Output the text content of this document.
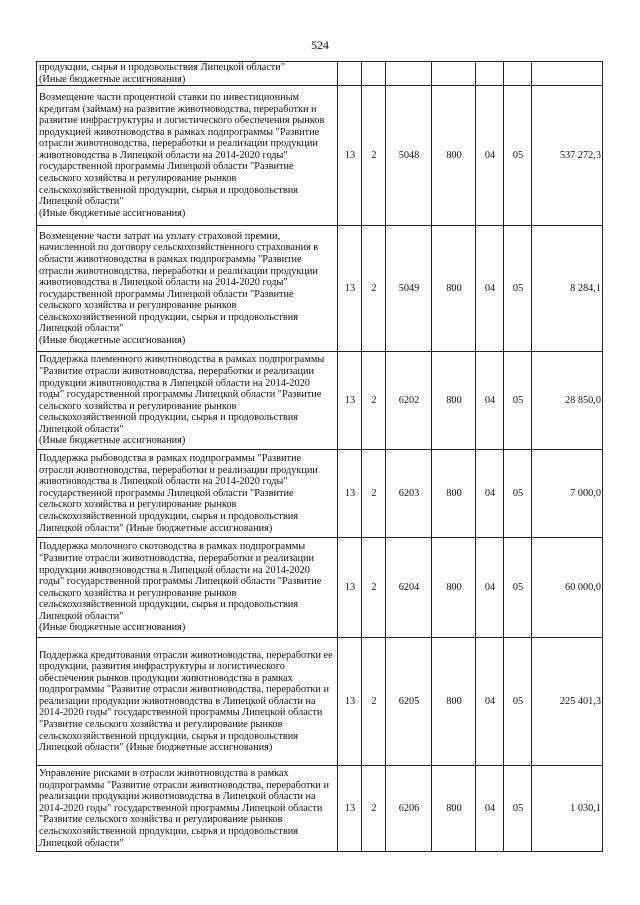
524
продукции, сырья и продовольствия Липецкой области"
(Иные бюджетные ассигнования)							
Возмещение части процентной ставки по инвестиционным кредитам (займам) на развитие животноводства, переработки и развитие инфраструктуры и логистического обеспечения рынков продукцией животноводства в рамках подпрограммы "Развитие отрасли животноводства, переработки и реализации продукции животноводства в Липецкой области на 2014-2020 годы" государственной программы Липецкой области "Развитие сельского хозяйства и регулирование рынков сельскохозяйственной продукции, сырья и продовольствия Липецкой области"
(Иные бюджетные ассигнования)	13	2	5048	800	04	05	537 272,3
Возмещение части затрат на уплату страховой премии, начисленной по договору сельскохозяйственного страхования в области животноводства в рамках подпрограммы "Развитие отрасли животноводства, переработки и реализации продукции животноводства в Липецкой области на 2014-2020 годы" государственной программы Липецкой области "Развитие сельского хозяйства и регулирование рынков сельскохозяйственной продукции, сырья и продовольствия Липецкой области"
(Иные бюджетные ассигнования)	13	2	5049	800	04	05	8 284,1
Поддержка племенного животноводства в рамках подпрограммы "Развитие отрасли животноводства, переработки и реализации продукции животноводства в Липецкой области на 2014-2020 годы" государственной программы Липецкой области "Развитие сельского хозяйства и регулирование рынков сельскохозяйственной продукции, сырья и продовольствия Липецкой области"
(Иные бюджетные ассигнования)	13	2	6202	800	04	05	28 850,0
Поддержка рыбоводства в рамках подпрограммы "Развитие отрасли животноводства, переработки и реализации продукции животноводства в Липецкой области на 2014-2020 годы" государственной программы Липецкой области "Развитие сельского хозяйства и регулирование рынков сельскохозяйственной продукции, сырья и продовольствия Липецкой области" (Иные бюджетные ассигнования)	13	2	6203	800	04	05	7 000,0
Поддержка молочного скотоводства в рамках подпрограммы "Развитие отрасли животноводства, переработки и реализации продукции животноводства в Липецкой области на 2014-2020 годы" государственной программы Липецкой области "Развитие сельского хозяйства и регулирование рынков сельскохозяйственной продукции, сырья и продовольствия Липецкой области"
(Иные бюджетные ассигнования)	13	2	6204	800	04	05	60 000,0
Поддержка кредитования отрасли животноводства, переработки ее продукции, развития инфраструктуры и логистического обеспечения рынков продукции животноводства в рамках подпрограммы "Развитие отрасли животноводства, переработки и реализации продукции животноводства в Липецкой области на 2014-2020 годы" государственной программы Липецкой области "Развитие сельского хозяйства и регулирование рынков сельскохозяйственной продукции, сырья и продовольствия Липецкой области" (Иные бюджетные ассигнования)	13	2	6205	800	04	05	225 401,3
Управление рисками в отрасли животноводства в рамках подпрограммы "Развитие отрасли животноводства, переработки и реализации продукции животноводства в Липецкой области на 2014-2020 годы" государственной программы Липецкой области "Развитие сельского хозяйства и регулирование рынков сельскохозяйственной продукции, сырья и продовольствия Липецкой области"	13	2	6206	800	04	05	1 030,1
